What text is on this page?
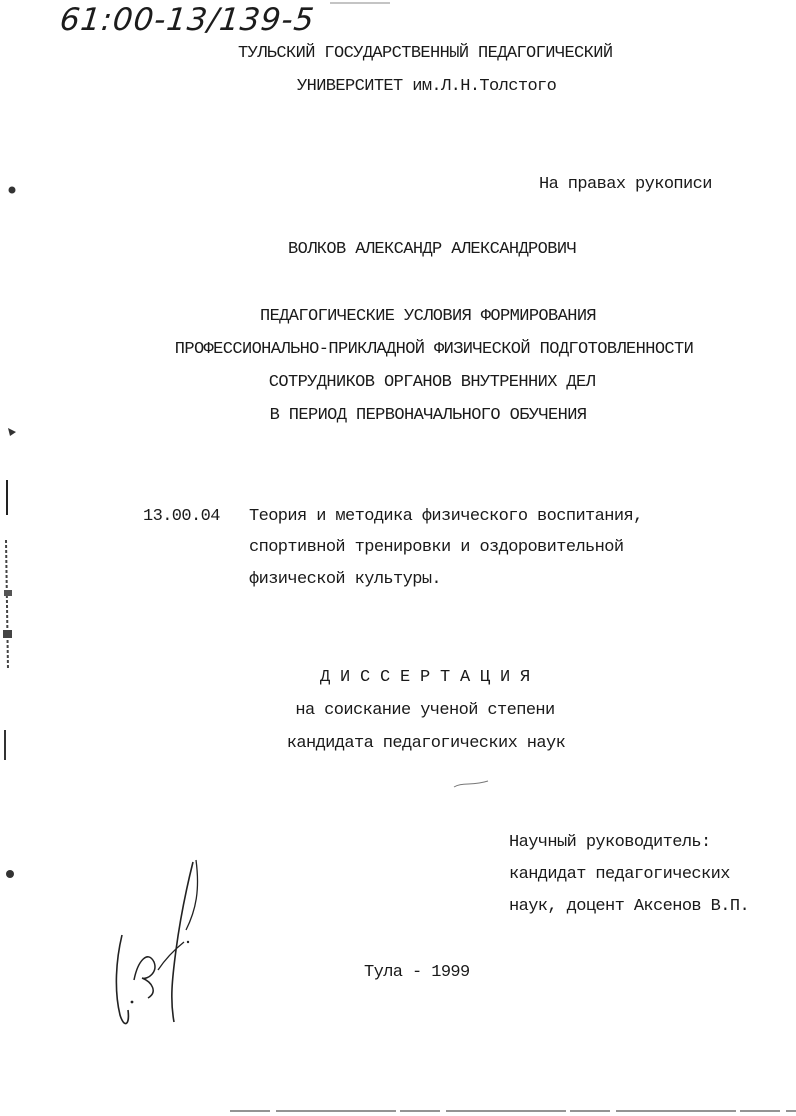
61:00-13/139-5
ТУЛЬСКИЙ ГОСУДАРСТВЕННЫЙ ПЕДАГОГИЧЕСКИЙ
УНИВЕРСИТЕТ им.Л.Н.Толстого
На правах рукописи
ВОЛКОВ АЛЕКСАНДР АЛЕКСАНДРОВИЧ
ПЕДАГОГИЧЕСКИЕ УСЛОВИЯ ФОРМИРОВАНИЯ
ПРОФЕССИОНАЛЬНО-ПРИКЛАДНОЙ ФИЗИЧЕСКОЙ ПОДГОТОВЛЕННОСТИ
СОТРУДНИКОВ ОРГАНОВ ВНУТРЕННИХ ДЕЛ
В ПЕРИОД ПЕРВОНАЧАЛЬНОГО ОБУЧЕНИЯ
13.00.04 Теория и методика физического воспитания,
спортивной тренировки и оздоровительной
физической культуры.
Д И С С Е Р Т А Ц И Я
на соискание ученой степени
кандидата педагогических наук
Научный руководитель:
кандидат педагогических
наук, доцент Аксенов В.П.
Тула - 1999
